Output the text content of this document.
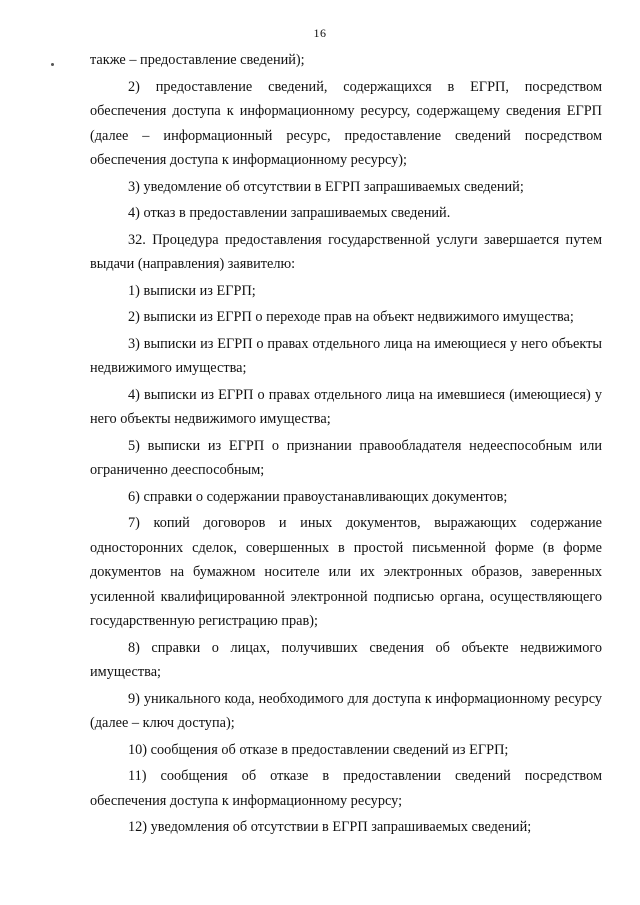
16

также – предоставление сведений);

2) предоставление сведений, содержащихся в ЕГРП, посредством обеспечения доступа к информационному ресурсу, содержащему сведения ЕГРП (далее – информационный ресурс, предоставление сведений посредством обеспечения доступа к информационному ресурсу);

3) уведомление об отсутствии в ЕГРП запрашиваемых сведений;

4) отказ в предоставлении запрашиваемых сведений.

32. Процедура предоставления государственной услуги завершается путем выдачи (направления) заявителю:

1) выписки из ЕГРП;

2) выписки из ЕГРП о переходе прав на объект недвижимого имущества;

3) выписки из ЕГРП о правах отдельного лица на имеющиеся у него объекты недвижимого имущества;

4) выписки из ЕГРП о правах отдельного лица на имевшиеся (имеющиеся) у него объекты недвижимого имущества;

5) выписки из ЕГРП о признании правообладателя недееспособным или ограниченно дееспособным;

6) справки о содержании правоустанавливающих документов;

7) копий договоров и иных документов, выражающих содержание односторонних сделок, совершенных в простой письменной форме (в форме документов на бумажном носителе или их электронных образов, заверенных усиленной квалифицированной электронной подписью органа, осуществляющего государственную регистрацию прав);

8) справки о лицах, получивших сведения об объекте недвижимого имущества;

9) уникального кода, необходимого для доступа к информационному ресурсу (далее – ключ доступа);

10) сообщения об отказе в предоставлении сведений из ЕГРП;

11) сообщения об отказе в предоставлении сведений посредством обеспечения доступа к информационному ресурсу;

12) уведомления об отсутствии в ЕГРП запрашиваемых сведений;
